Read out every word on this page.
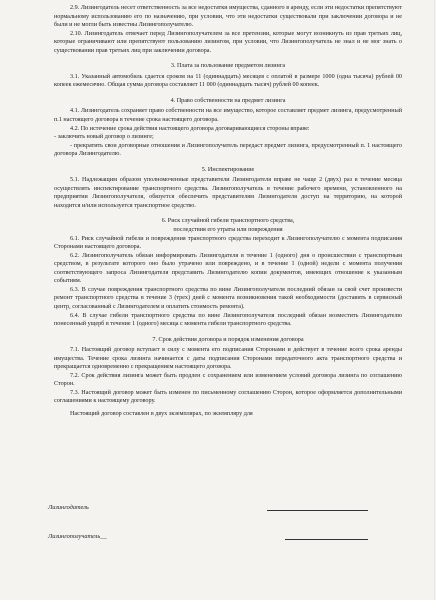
2.9. Лизингодатель несет ответственность за все недостатки имущества, сданного в аренду, если эти недостатки препятствуют нормальному использованию его по назначению, при условии, что эти недостатки существовали при заключении договора и не были и не могли быть известны Лизингополучателю.

2.10. Лизингодатель отвечает перед Лизингополучателем за все претензии, которые могут возникнуть из прав третьих лиц, которые ограничивают или препятствуют пользованию лизингом, при условии, что Лизингополучатель не знал и не мог знать о существовании прав третьих лиц при заключении договора.

3. Плата за пользование предметом лизинга

3.1. Указанный автомобиль сдается сроком на 11 (одиннадцать) месяцев с оплатой в размере 1000 (одна тысяча) рублей 00 копеек ежемесячно. Общая сумма договора составляет 11 000 (одиннадцать тысяч) рублей 00 копеек.

4. Право собственности на предмет лизинга

4.1. Лизингодатель сохраняет право собственности на все имущество, которое составляет предмет лизинга, предусмотренный п.1 настоящего договора в течение срока настоящего договора.

4.2. По истечение срока действия настоящего договора договаривающиеся стороны вправе:

- заключить новый договор о лизинге;

- прекратить свои договорные отношения и Лизингополучатель передаст предмет лизинга, предусмотренный п. 1 настоящего договора Лизингодателю.

5. Инспектирование

5.1. Надлежащим образом уполномоченные представители Лизингодателя вправе не чаще 2 (двух) раз в течение месяца осуществлять инспектирование транспортного средства. Лизингополучатель в течение рабочего времени, установленного на предприятии Лизингополучателя, обязуется обеспечить представителям Лизингодателя доступ на территорию, на которой находится и/или используется транспортное средство.

6. Риск случайной гибели транспортного средства,

последствия его утраты или повреждения

6.1. Риск случайной гибели и повреждения транспортного средства переходит к Лизингополучателю с момента подписания Сторонами настоящего договора.

6.2. Лизингополучатель обязан информировать Лизингодателя в течение 1 (одного) дня о происшествии с транспортным средством, в результате которого оно было утрачено или повреждено, и в течение 1 (одной) недели с момента получения соответствующего запроса Лизингодателя представить Лизингодателю копии документов, имеющих отношение к указанным событиям.

6.3. В случае повреждения транспортного средства по вине Лизингополучателя последний обязан за свой счет произвести ремонт транспортного средства в течение 3 (трех) дней с момента возникновения такой необходимости (доставить в сервисный центр, согласованный с Лизингодателем и оплатить стоимость ремонта).

6.4. В случае гибели транспортного средства по вине Лизингополучателя последний обязан возместить Лизингодателю понесенный ущерб в течение 1 (одного) месяца с момента гибели транспортного средства.

7. Срок действия договора и порядок изменения договора

7.1. Настоящий договор вступает в силу с момента его подписания Сторонами и действует в течение всего срока аренды имущества. Течение срока лизинга начинается с даты подписания Сторонами передаточного акта транспортного средства и прекращается одновременно с прекращением настоящего договора.

7.2. Срок действия лизинга может быть продлен с сохранением или изменением условий договора лизинга по соглашению Сторон.

7.3. Настоящий договор может быть изменен по письменному соглашению Сторон, которое оформляется дополнительными соглашениями к настоящему договору.

Настоящий договор составлен в двух экземплярах, по экземпляру для

Лизингодатель
Лизингополучатель__
